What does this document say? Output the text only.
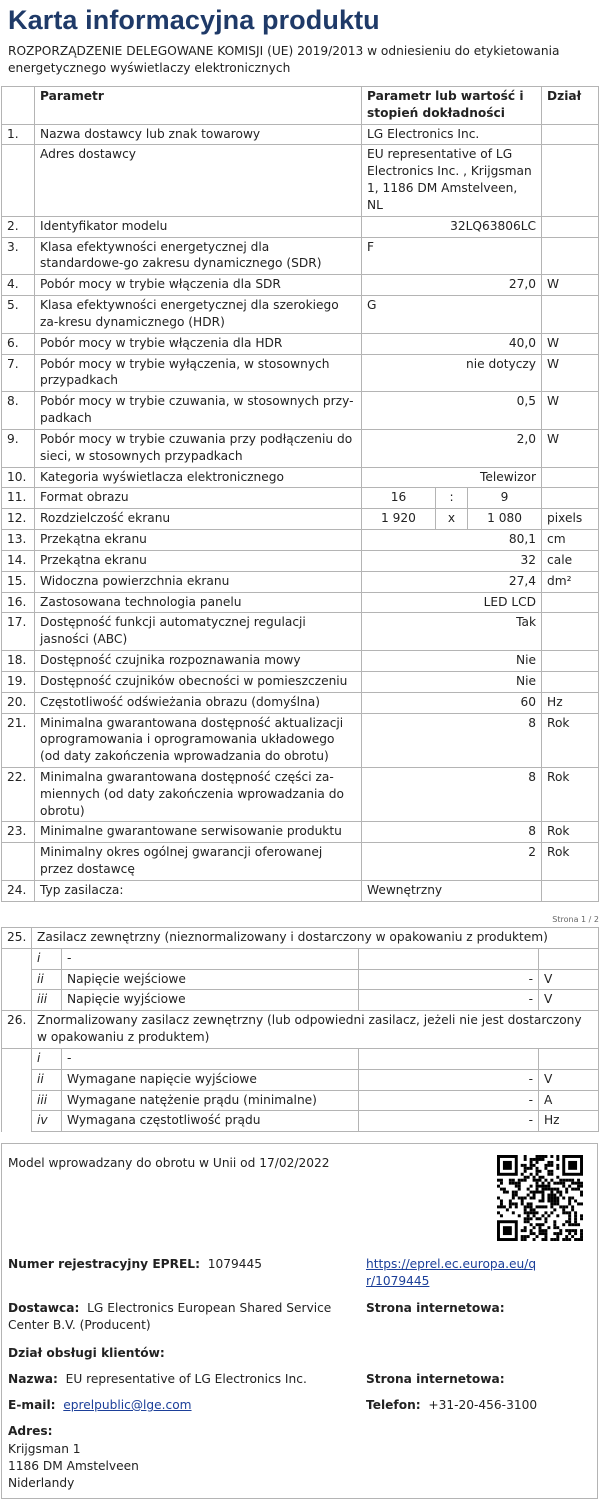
Karta informacyjna produktu
ROZPORZĄDZENIE DELEGOWANE KOMISJI (UE) 2019/2013 w odniesieniu do etykietowania energetycznego wyświetlaczy elektronicznych
	Parametr	Parametr lub wartość i stopień dokładności			Dział
1.	Nazwa dostawcy lub znak towarowy	LG Electronics Inc.			
	Adres dostawcy	EU representative of LG Electronics Inc. , Krijgsman 1, 1186 DM Amstelveen, NL			
2.	Identyfikator modelu	32LQ63806LC			
3.	Klasa efektywności energetycznej dla standardowe-go zakresu dynamicznego (SDR)	F			
4.	Pobór mocy w trybie włączenia dla SDR	27,0			W
5.	Klasa efektywności energetycznej dla szerokiego za-kresu dynamicznego (HDR)	G			
6.	Pobór mocy w trybie włączenia dla HDR	40,0			W
7.	Pobór mocy w trybie wyłączenia, w stosownych przypadkach	nie dotyczy			W
8.	Pobór mocy w trybie czuwania, w stosownych przy-padkach	0,5			W
9.	Pobór mocy w trybie czuwania przy podłączeniu do sieci, w stosownych przypadkach	2,0			W
10.	Kategoria wyświetlacza elektronicznego	Telewizor			
11.	Format obrazu	16	:	9	
12.	Rozdzielczość ekranu	1 920	x	1 080	pixels
13.	Przekątna ekranu	80,1			cm
14.	Przekątna ekranu	32			cale
15.	Widoczna powierzchnia ekranu	27,4			dm²
16.	Zastosowana technologia panelu	LED LCD			
17.	Dostępność funkcji automatycznej regulacji jasności (ABC)	Tak			
18.	Dostępność czujnika rozpoznawania mowy	Nie			
19.	Dostępność czujników obecności w pomieszczeniu	Nie			
20.	Częstotliwość odświeżania obrazu (domyślna)	60			Hz
21.	Minimalna gwarantowana dostępność aktualizacji oprogramowania i oprogramowania układowego (od daty zakończenia wprowadzania do obrotu)	8			Rok
22.	Minimalna gwarantowana dostępność części za-miennych (od daty zakończenia wprowadzania do obrotu)	8			Rok
23.	Minimalne gwarantowane serwisowanie produktu	8			Rok
	Minimalny okres ogólnej gwarancji oferowanej przez dostawcę	2			Rok
24.	Typ zasilacza:	Wewnętrzny			
Strona 1 / 2
25.	Zasilacz zewnętrzny (nieznormalizowany i dostarczony w opakowaniu z produktem)			
	i	-		
	ii	Napięcie wejściowe	-	V
	iii	Napięcie wyjściowe	-	V
26.	Znormalizowany zasilacz zewnętrzny (lub odpowiedni zasilacz, jeżeli nie jest dostarczony w opakowaniu z produktem)			
	i	-		
	ii	Wymagane napięcie wyjściowe	-	V
	iii	Wymagane natężenie prądu (minimalne)	-	A
	iv	Wymagana częstotliwość prądu	-	Hz
Model wprowadzany do obrotu w Unii od 17/02/2022
Numer rejestracyjny EPREL: 1079445	https://eprel.ec.europa.eu/qr/1079445
Dostawca: LG Electronics European Shared Service Center B.V. (Producent)
Strona internetowa:
Dział obsługi klientów:
Nazwa: EU representative of LG Electronics Inc.	Strona internetowa:
E-mail: eprelpublic@lge.com	Telefon: +31-20-456-3100
Adres:
Krijgsman 1
1186 DM Amstelveen
Niderlandy
